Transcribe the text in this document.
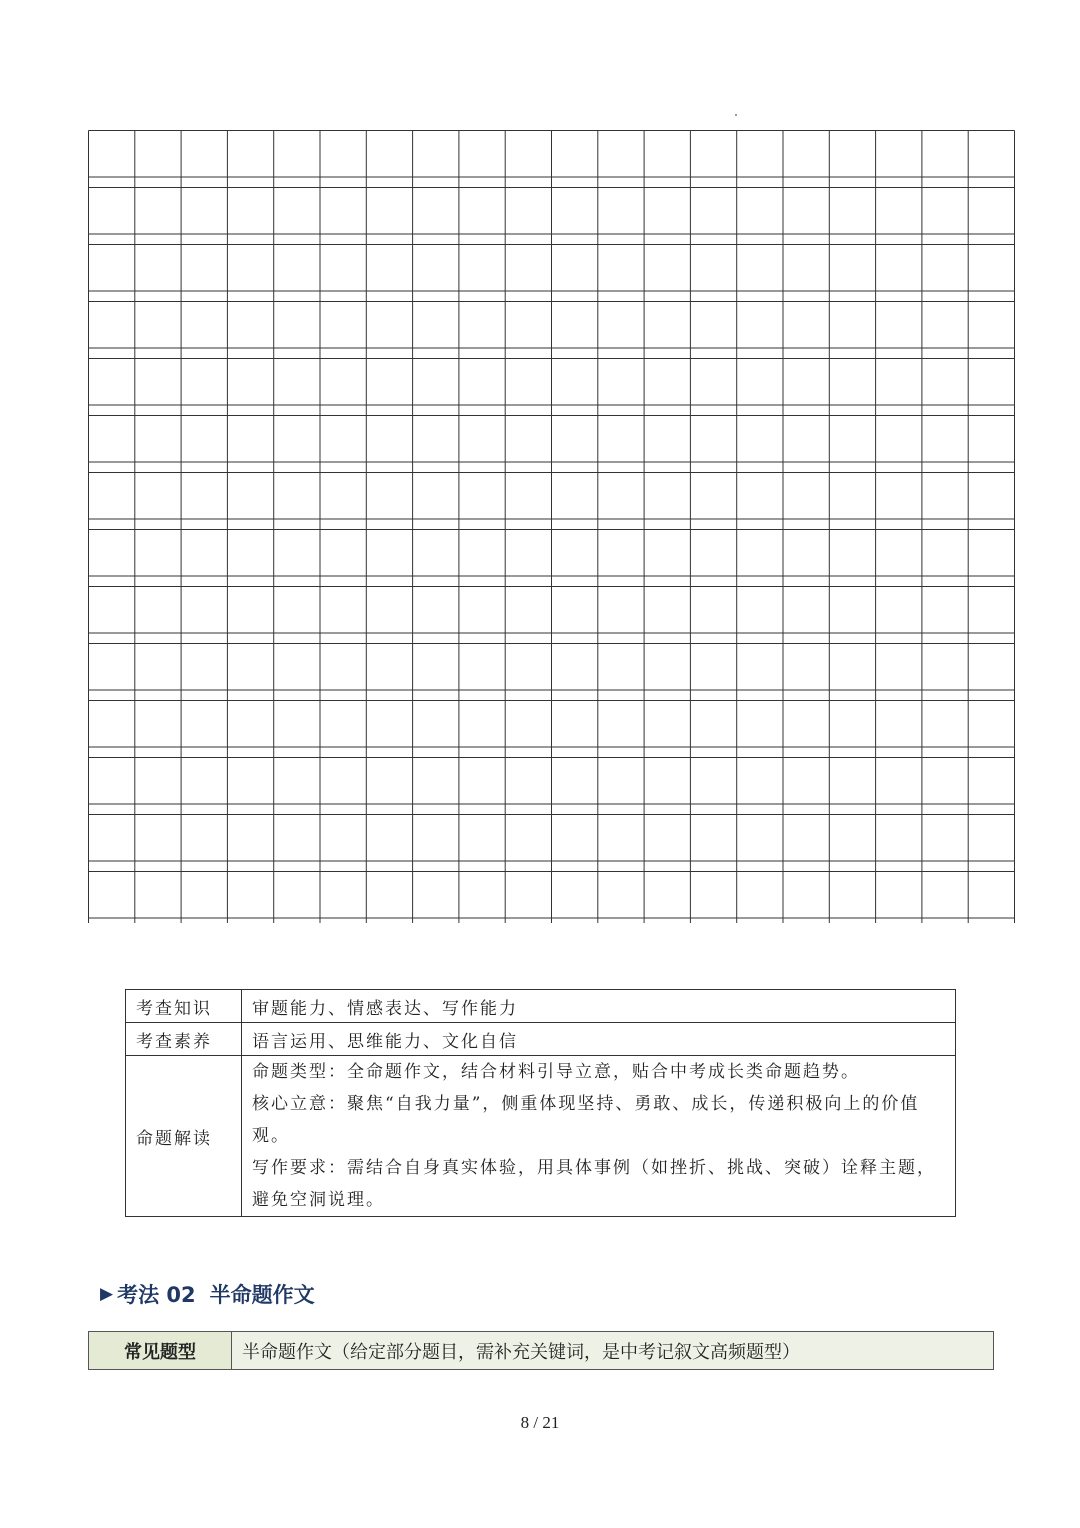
考查知识	审题能力、情感表达、写作能力
考查素养	语言运用、思维能力、文化自信
命题解读	命题类型：全命题作文，结合材料引导立意，贴合中考成长类命题趋势。
核心立意：聚焦“自我力量”，侧重体现坚持、勇敢、成长，传递积极向上的价值
观。
写作要求：需结合自身真实体验，用具体事例（如挫折、挑战、突破）诠释主题，
避免空洞说理。
▶ 考法 02 半命题作文
常见题型	半命题作文（给定部分题目，需补充关键词，是中考记叙文高频题型）
8 / 21
